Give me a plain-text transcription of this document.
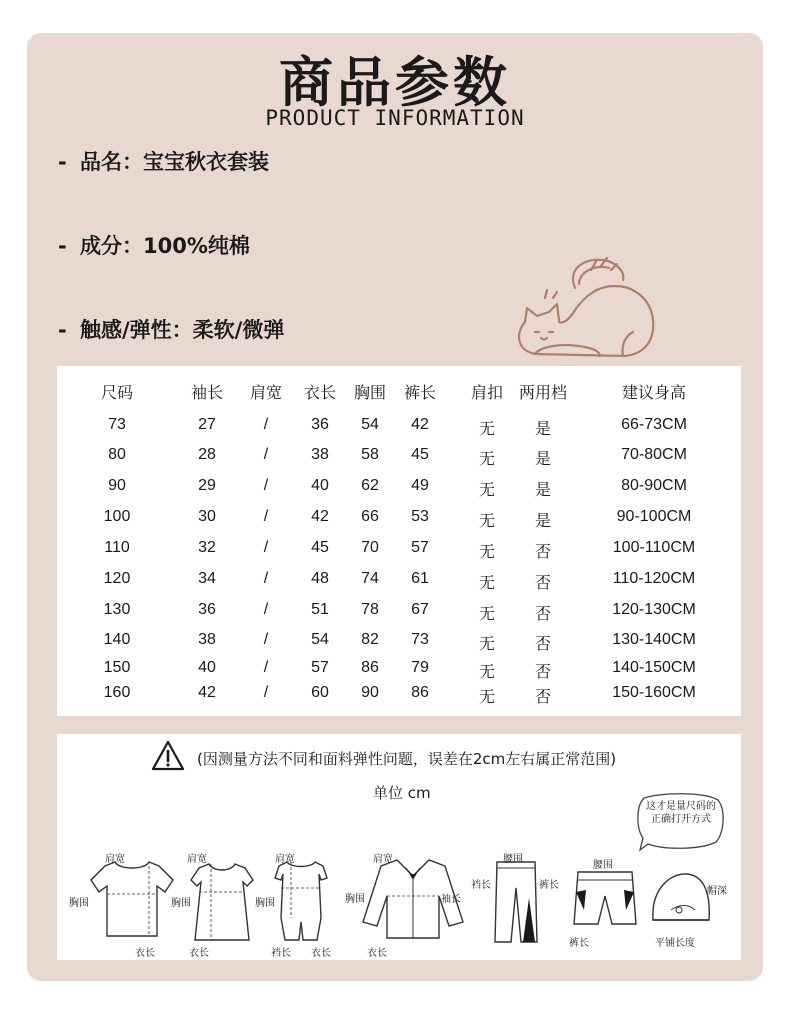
商品参数
PRODUCT INFORMATION
- 品名：宝宝秋衣套装
- 成分：100%纯棉
- 触感/弹性：柔软/微弹
尺码	袖长	肩宽	衣长	胸围	裤长	肩扣 两用档	建议身高
73	27	/	36	54	42	无	是	66-73CM
80	28	/	38	58	45	无	是	70-80CM
90	29	/	40	62	49	无	是	80-90CM
100	30	/	42	66	53	无	是	90-100CM
110	32	/	45	70	57	无	否	100-110CM
120	34	/	48	74	61	无	否	110-120CM
130	36	/	51	78	67	无	否	120-130CM
140	38	/	54	82	73	无	否	130-140CM
150	40	/	57	86	79	无	否	140-150CM
160	42	/	60	90	86	无	否	150-160CM
(因测量方法不同和面料弹性问题，误差在2cm左右属正常范围)
单位 cm
这才是量尺码的正确打开方式
肩宽
胸围
衣长
肩宽
胸围
衣长
肩宽
胸围
裆长 衣长
肩宽
胸围	袖长
衣长
腰围
裆长	裤长
腰围
裤长
帽深
平铺长度
